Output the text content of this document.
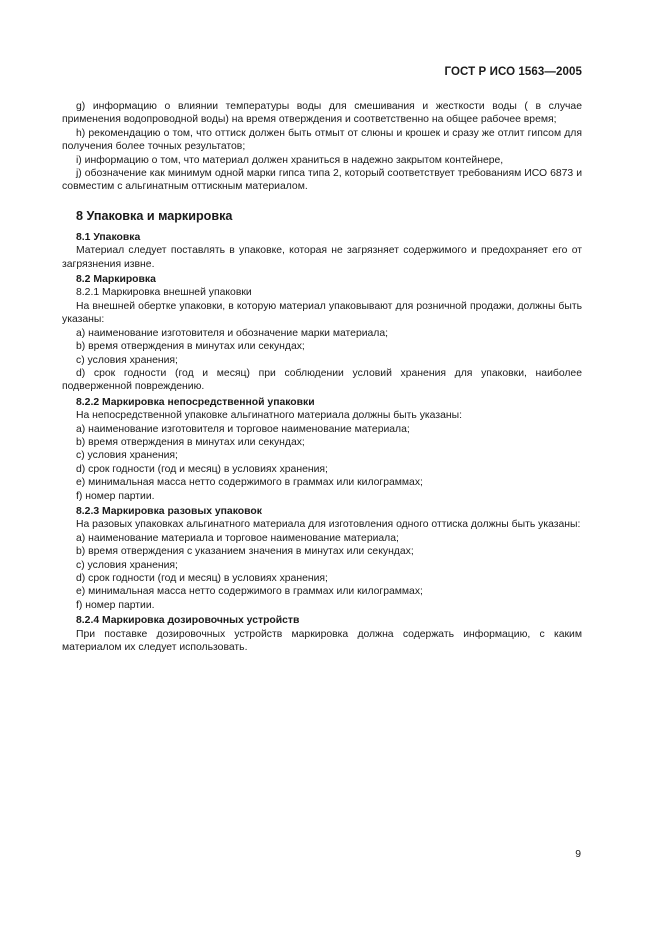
ГОСТ Р ИСО 1563—2005

g) информацию о влиянии температуры воды для смешивания и жесткости воды ( в случае применения водопроводной воды) на время отверждения и соответственно на общее рабочее время;

h) рекомендацию о том, что оттиск должен быть отмыт от слюны и крошек и сразу же отлит гипсом для получения более точных результатов;

i) информацию о том, что материал должен храниться в надежно закрытом контейнере,

j) обозначение как минимум одной марки гипса типа 2, который соответствует требованиям ИСО 6873 и совместим с альгинатным оттискным материалом.

8 Упаковка и маркировка

8.1 Упаковка

Материал следует поставлять в упаковке, которая не загрязняет содержимого и предохраняет его от загрязнения извне.

8.2 Маркировка

8.2.1 Маркировка внешней упаковки

На внешней обертке упаковки, в которую материал упаковывают для розничной продажи, должны быть указаны:

а) наименование изготовителя и обозначение марки материала;

b) время отверждения в минутах или секундах;

с) условия хранения;

d) срок годности (год и месяц) при соблюдении условий хранения для упаковки, наиболее подверженной повреждению.

8.2.2 Маркировка непосредственной упаковки

На непосредственной упаковке альгинатного материала должны быть указаны:

а) наименование изготовителя и торговое наименование материала;

b) время отверждения в минутах или секундах;

с) условия хранения;

d) срок годности (год и месяц) в условиях хранения;

е) минимальная масса нетто содержимого в граммах или килограммах;

f) номер партии.

8.2.3 Маркировка разовых упаковок

На разовых упаковках альгинатного материала для изготовления одного оттиска должны быть указаны:

а) наименование материала и торговое наименование материала;

b) время отверждения с указанием значения в минутах или секундах;

с) условия хранения;

d) срок годности (год и месяц) в условиях хранения;

е) минимальная масса нетто содержимого в граммах или килограммах;

f) номер партии.

8.2.4 Маркировка дозировочных устройств

При поставке дозировочных устройств маркировка должна содержать информацию, с каким материалом их следует использовать.

9
